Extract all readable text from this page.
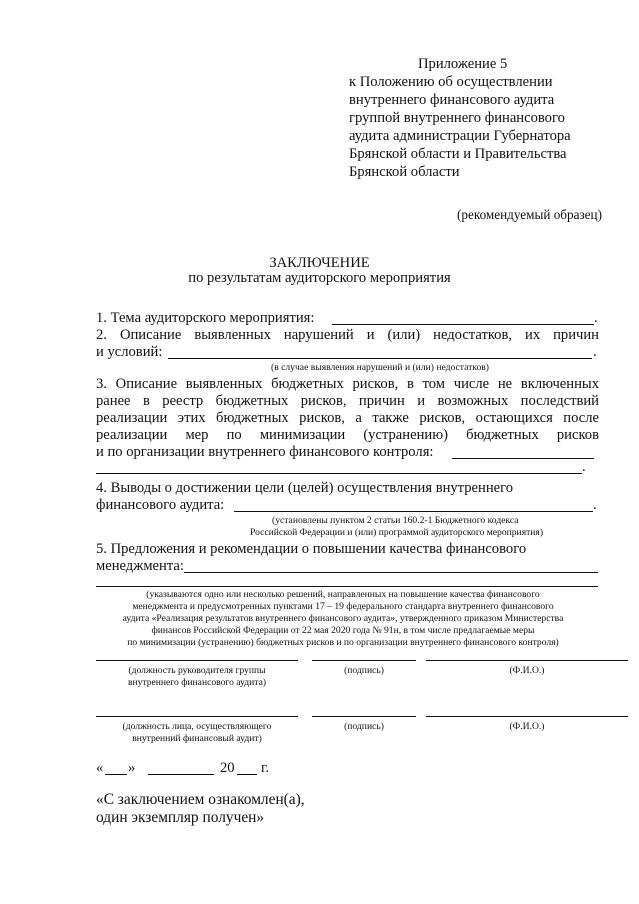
Приложение 5
к Положению об осуществлении
внутреннего финансового аудита
группой внутреннего финансового
аудита администрации Губернатора
Брянской области и Правительства
Брянской области
(рекомендуемый образец)
ЗАКЛЮЧЕНИЕ
по результатам аудиторского мероприятия
1. Тема аудиторского мероприятия:	.
2. Описание выявленных нарушений и (или) недостатков, их причин
и условий:	.
(в случае выявления нарушений и (или) недостатков)
3. Описание выявленных бюджетных рисков, в том числе не включенных
ранее в реестр бюджетных рисков, причин и возможных последствий
реализации этих бюджетных рисков, а также рисков, остающихся после
реализации мер по минимизации (устранению) бюджетных рисков
и по организации внутреннего финансового контроля:
.
4. Выводы о достижении цели (целей) осуществления внутреннего
финансового аудита:	.
(установлены пунктом 2 статьи 160.2-1 Бюджетного кодекса
Российской Федерации и (или) программой аудиторского мероприятия)
5. Предложения и рекомендации о повышении качества финансового
менеджмента:
(указываются одно или несколько решений, направленных на повышение качества финансового
менеджмента и предусмотренных пунктами 17 – 19 федерального стандарта внутреннего финансового
аудита «Реализация результатов внутреннего финансового аудита», утвержденного приказом Министерства
финансов Российской Федерации от 22 мая 2020 года № 91н, в том числе предлагаемые меры
по минимизации (устранению) бюджетных рисков и по организации внутреннего финансового контроля)
(должность руководителя группы
внутреннего финансового аудита)
(подпись)	(Ф.И.О.)
(должность лица, осуществляющего
внутренний финансовый аудит)
(подпись)	(Ф.И.О.)
« »	20 г.
«С заключением ознакомлен(а),
один экземпляр получен»
